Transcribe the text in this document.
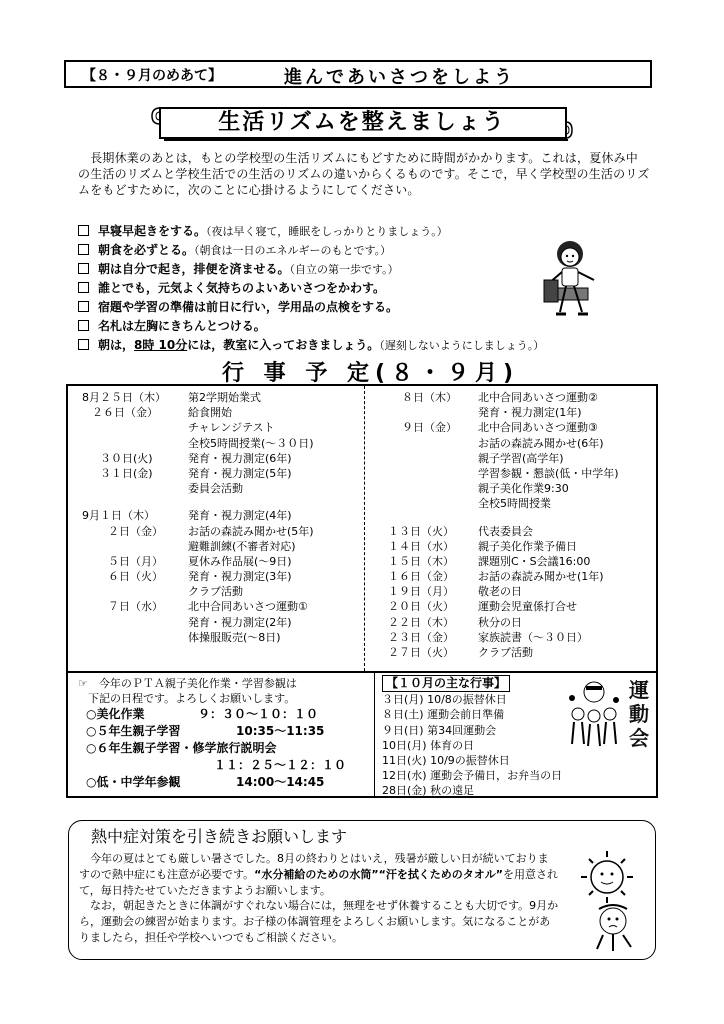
【８・９月のめあて】	進んであいさつをしよう
生活リズムを整えましょう
　長期休業のあとは，もとの学校型の生活リズムにもどすために時間がかかります。これは，夏休み中の生活のリズムと学校生活での生活のリズムの違いからくるものです。そこで，早く学校型の生活のリズムをもどすために，次のことに心掛けるようにしてください。
早寝早起きをする。（夜は早く寝て，睡眠をしっかりとりましょう。）
朝食を必ずとる。（朝食は一日のエネルギーのもとです。）
朝は自分で起き，排便を済ませる。（自立の第一歩です。）
誰とでも，元気よく気持ちのよいあいさつをかわす。
宿題や学習の準備は前日に行い，学用品の点検をする。
名札は左胸にきちんとつける。
朝は，8時 10分には，教室に入っておきましょう。（遅刻しないようにしましょう。）
行 事 予 定(８・９月)
8月２５日（木）	第2学期始業式
２６日（金）	給食開始
チャレンジテスト
全校5時間授業(～３０日)
３０日(火)	発育・視力測定(6年)
３１日(金)	発育・視力測定(5年)
委員会活動
9月１日（木）	発育・視力測定(4年)
２日（金）	お話の森読み聞かせ(5年)
避難訓練(不審者対応)
５日（月）	夏休み作品展(～9日)
６日（火）	発育・視力測定(3年)
クラブ活動
７日（水）	北中合同あいさつ運動①
発育・視力測定(2年)
体操服販売(～8日)
８日（木）	北中合同あいさつ運動②
発育・視力測定(1年)
９日（金）	北中合同あいさつ運動③
お話の森読み聞かせ(6年)
親子学習(高学年)
学習参観・懇談(低・中学年)
親子美化作業9:30
全校5時間授業
１３日（火）	代表委員会
１４日（水）	親子美化作業予備日
１５日（木）	課題別C・S会議16:00
１６日（金）	お話の森読み聞かせ(1年)
１９日（月）	敬老の日
２０日（火）	運動会児童係打合せ
２２日（木）	秋分の日
２３日（金）	家族読書（～３０日）
２７日（火）	クラブ活動
☞　今年のＰＴＡ親子美化作業・学習参観は
下記の日程です。よろしくお願いします。
○美化作業	９：３０～１０：１０
○５年生親子学習	10:35～11:35
○６年生親子学習・修学旅行説明会
１１：２５～１２：１０
○低・中学年参観	14:00～14:45
【１０月の主な行事】
３日(月) 10/8の振替休日
８日(土) 運動会前日準備
９日(日) 第34回運動会
10日(月) 体育の日
11日(火) 10/9の振替休日
12日(水) 運動会予備日，お弁当の日
28日(金) 秋の遠足
運動会
熱中症対策を引き続きお願いします
　今年の夏はとても厳しい暑さでした。8月の終わりとはいえ，残暑が厳しい日が続いておりますので熱中症にも注意が必要です。“水分補給のための水筒”“汗を拭くためのタオル”を用意されて，毎日持たせていただきますようお願いします。
　なお，朝起きたときに体調がすぐれない場合には，無理をせず休養することも大切です。9月から，運動会の練習が始まります。お子様の体調管理をよろしくお願いします。気になることがありましたら，担任や学校へいつでもご相談ください。
